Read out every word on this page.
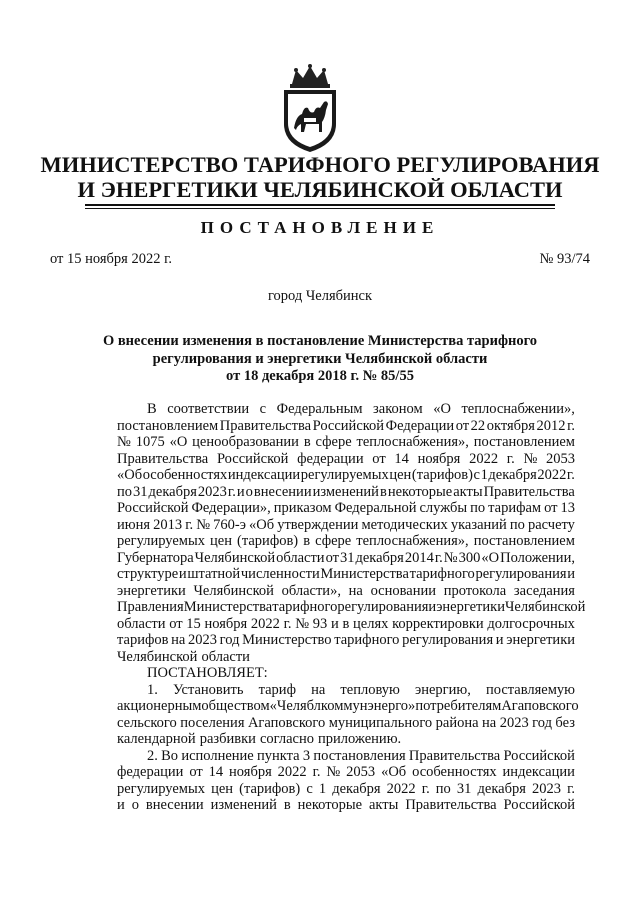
МИНИСТЕРСТВО ТАРИФНОГО РЕГУЛИРОВАНИЯ
И ЭНЕРГЕТИКИ ЧЕЛЯБИНСКОЙ ОБЛАСТИ
ПОСТАНОВЛЕНИЕ
от 15 ноября 2022 г.	№ 93/74
город Челябинск
О внесении изменения в постановление Министерства тарифного
регулирования и энергетики Челябинской области
от 18 декабря 2018 г. № 85/55
В соответствии с Федеральным законом «О теплоснабжении»,
постановлением Правительства Российской Федерации от 22 октября 2012 г.
№ 1075 «О ценообразовании в сфере теплоснабжения», постановлением
Правительства Российской федерации от 14 ноября 2022 г. № 2053
«Об особенностях индексации регулируемых цен (тарифов) с 1 декабря 2022 г.
по 31 декабря 2023 г. и о внесении изменений в некоторые акты Правительства
Российской Федерации», приказом Федеральной службы по тарифам от 13
июня 2013 г. № 760-э «Об утверждении методических указаний по расчету
регулируемых цен (тарифов) в сфере теплоснабжения», постановлением
Губернатора Челябинской области от 31 декабря 2014 г. № 300 «О Положении,
структуре и штатной численности Министерства тарифного регулирования и
энергетики Челябинской области», на основании протокола заседания
Правления Министерства тарифного регулирования и энергетики Челябинской
области от 15 ноября 2022 г. № 93 и в целях корректировки долгосрочных
тарифов на 2023 год Министерство тарифного регулирования и энергетики
Челябинской области
ПОСТАНОВЛЯЕТ:
1. Установить тариф на тепловую энергию, поставляемую
акционерным обществом «Челяблкоммунэнерго» потребителям Агаповского
сельского поселения Агаповского муниципального района на 2023 год без
календарной разбивки согласно приложению.
2. Во исполнение пункта 3 постановления Правительства Российской
федерации от 14 ноября 2022 г. № 2053 «Об особенностях индексации
регулируемых цен (тарифов) с 1 декабря 2022 г. по 31 декабря 2023 г.
и о внесении изменений в некоторые акты Правительства Российской
